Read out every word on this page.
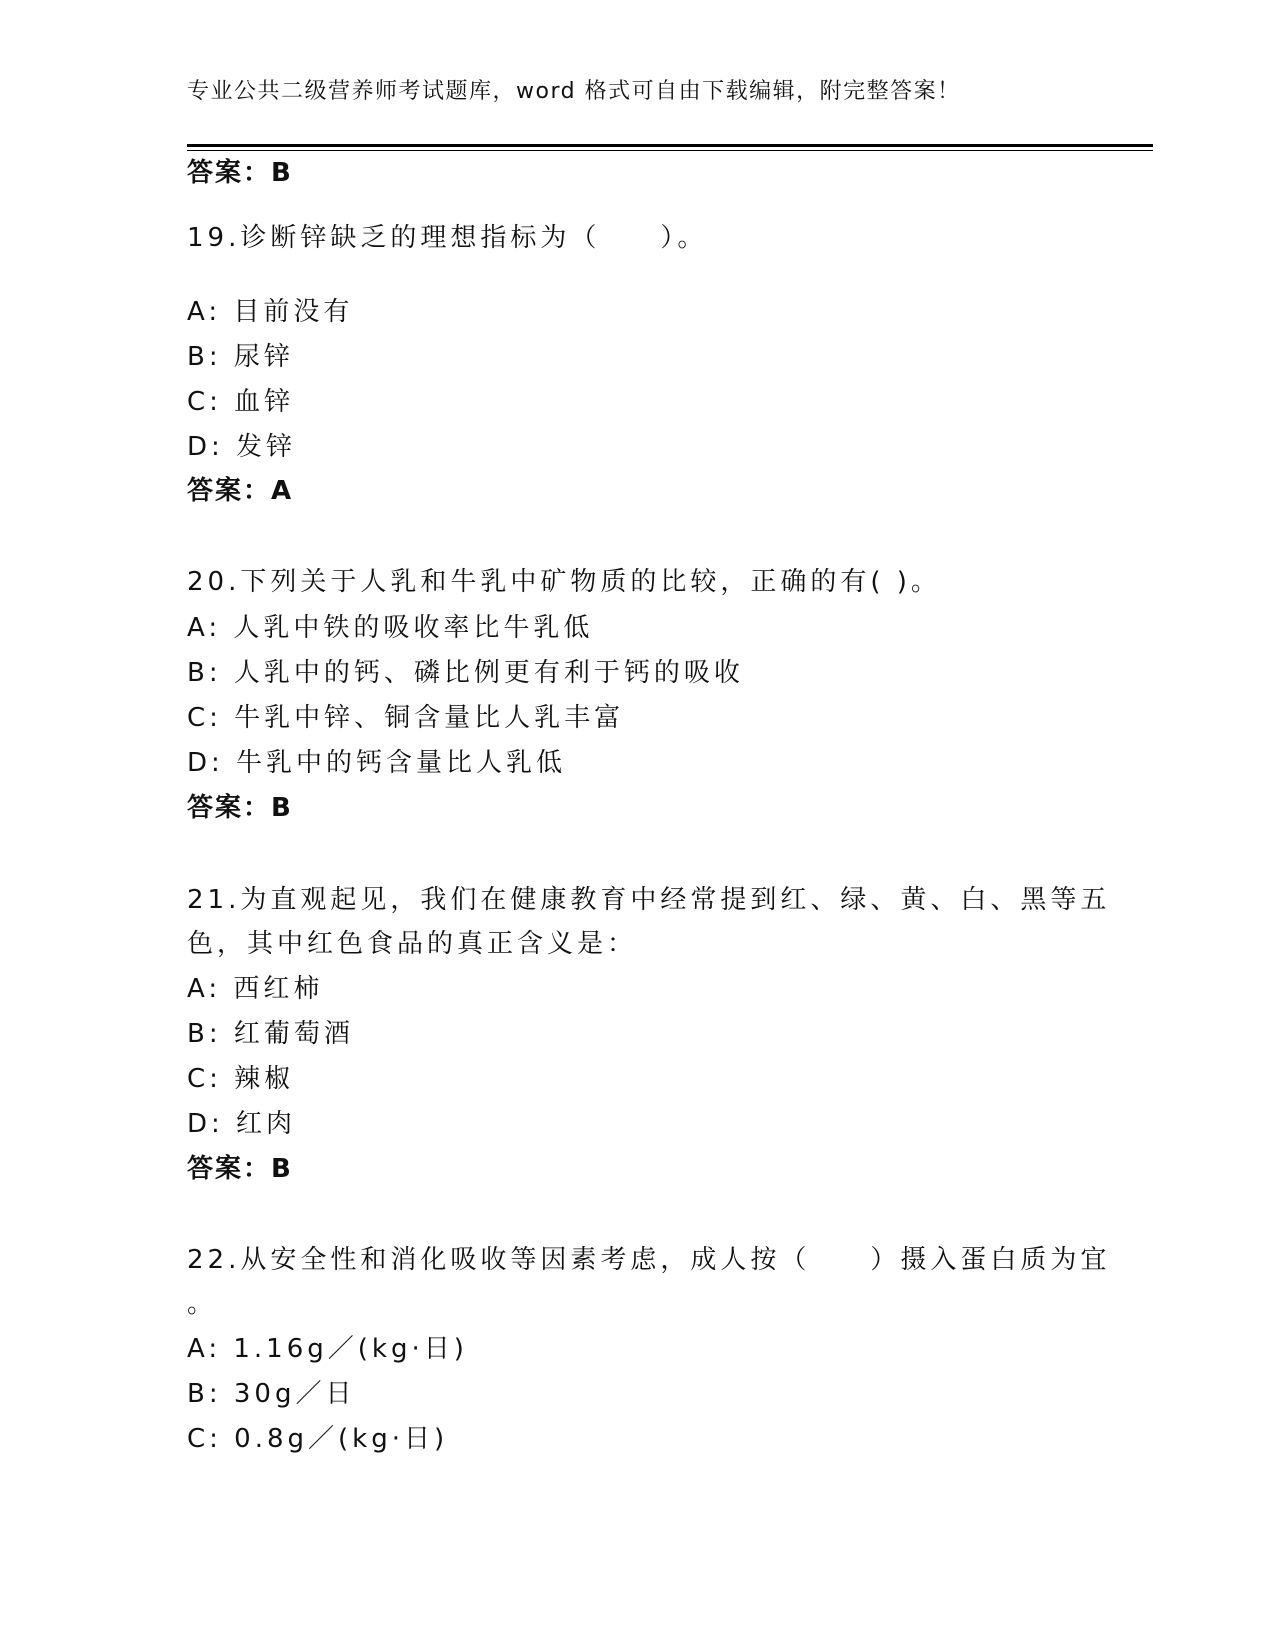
专业公共二级营养师考试题库，word 格式可自由下载编辑，附完整答案！
答案：B
19.诊断锌缺乏的理想指标为（　　）。
A: 目前没有
B: 尿锌
C: 血锌
D: 发锌
答案：A
20.下列关于人乳和牛乳中矿物质的比较，正确的有( )。
A: 人乳中铁的吸收率比牛乳低
B: 人乳中的钙、磷比例更有利于钙的吸收
C: 牛乳中锌、铜含量比人乳丰富
D: 牛乳中的钙含量比人乳低
答案：B
21.为直观起见，我们在健康教育中经常提到红、绿、黄、白、黑等五
色，其中红色食品的真正含义是：
A: 西红柿
B: 红葡萄酒
C: 辣椒
D: 红肉
答案：B
22.从安全性和消化吸收等因素考虑，成人按（　　）摄入蛋白质为宜
。
A: 1.16g／(kg·日)
B: 30g／日
C: 0.8g／(kg·日)
